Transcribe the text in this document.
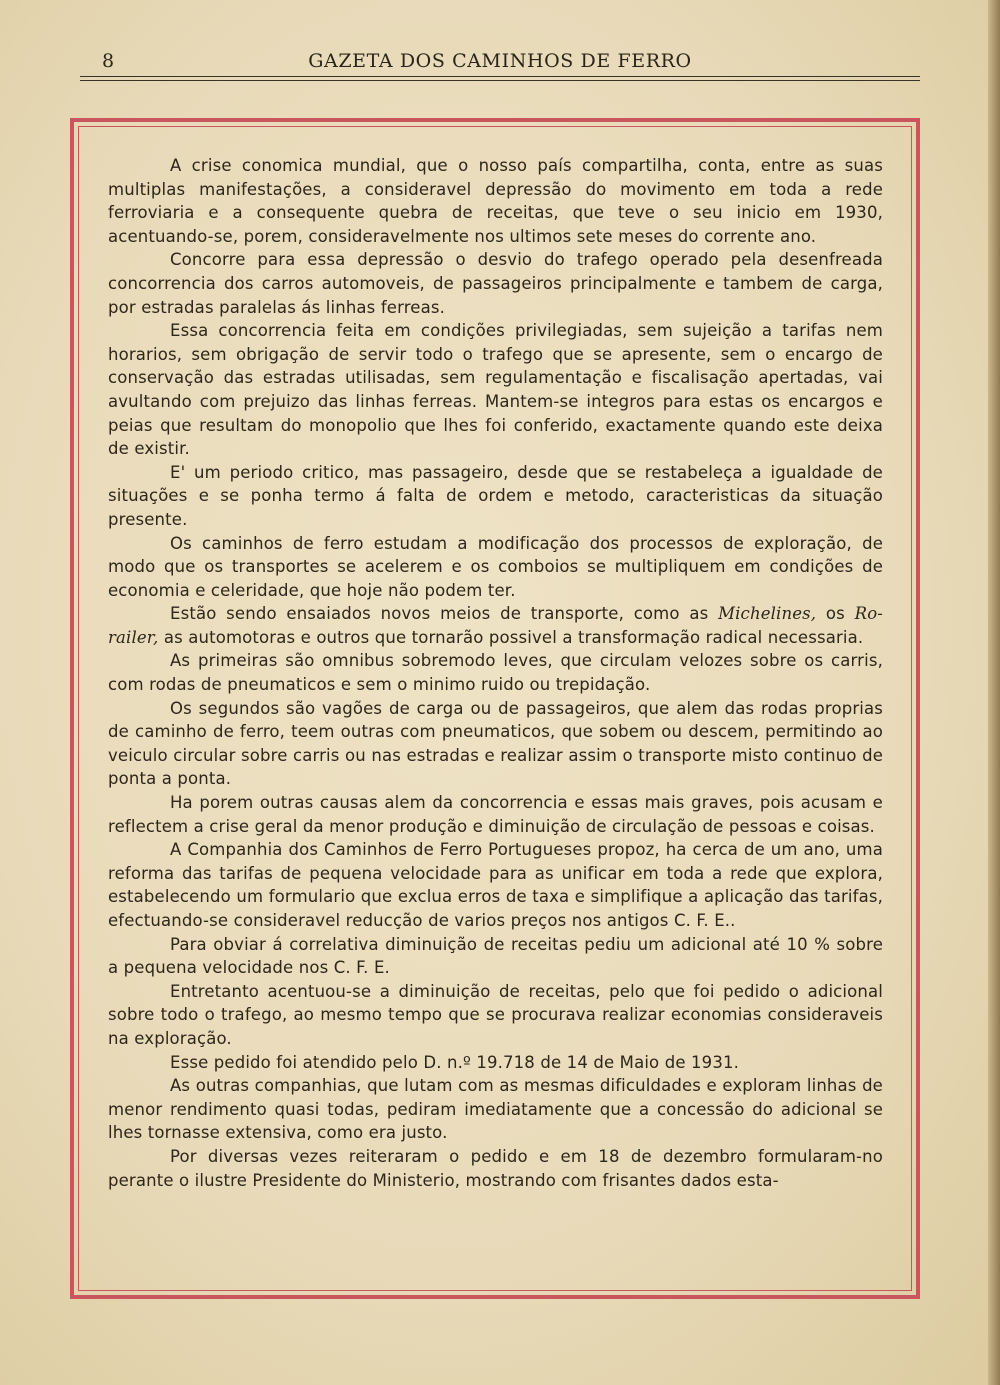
8	GAZETA DOS CAMINHOS DE FERRO

A crise conomica mundial, que o nosso país compartilha, conta, entre as suas multiplas manifestações, a consideravel depressão do movimento em toda a rede ferroviaria e a consequente quebra de receitas, que teve o seu inicio em 1930, acentuando-se, porem, consideravelmente nos ultimos sete meses do corrente ano.

Concorre para essa depressão o desvio do trafego operado pela desenfreada concorrencia dos carros automoveis, de passageiros principalmente e tambem de carga, por estradas paralelas ás linhas ferreas.

Essa concorrencia feita em condições privilegiadas, sem sujeição a tarifas nem horarios, sem obrigação de servir todo o trafego que se apresente, sem o encargo de conservação das estradas utilisadas, sem regulamentação e fiscalisação apertadas, vai avultando com prejuizo das linhas ferreas. Mantem-se integros para estas os encargos e peias que resultam do monopolio que lhes foi conferido, exactamente quando este deixa de existir.

E' um periodo critico, mas passageiro, desde que se restabeleça a igualdade de situações e se ponha termo á falta de ordem e metodo, caracteristicas da situação presente.

Os caminhos de ferro estudam a modificação dos processos de exploração, de modo que os transportes se acelerem e os comboios se multipliquem em condições de economia e celeridade, que hoje não podem ter.

Estão sendo ensaiados novos meios de transporte, como as Michelines, os Ro-railer, as automotoras e outros que tornarão possivel a transformação radical necessaria.

As primeiras são omnibus sobremodo leves, que circulam velozes sobre os carris, com rodas de pneumaticos e sem o minimo ruido ou trepidação.

Os segundos são vagões de carga ou de passageiros, que alem das rodas proprias de caminho de ferro, teem outras com pneumaticos, que sobem ou descem, permitindo ao veiculo circular sobre carris ou nas estradas e realizar assim o transporte misto continuo de ponta a ponta.

Ha porem outras causas alem da concorrencia e essas mais graves, pois acusam e reflectem a crise geral da menor produção e diminuição de circulação de pessoas e coisas.

A Companhia dos Caminhos de Ferro Portugueses propoz, ha cerca de um ano, uma reforma das tarifas de pequena velocidade para as unificar em toda a rede que explora, estabelecendo um formulario que exclua erros de taxa e simplifique a aplicação das tarifas, efectuando-se consideravel reducção de varios preços nos antigos C. F. E..

Para obviar á correlativa diminuição de receitas pediu um adicional até 10 % sobre a pequena velocidade nos C. F. E.

Entretanto acentuou-se a diminuição de receitas, pelo que foi pedido o adicional sobre todo o trafego, ao mesmo tempo que se procurava realizar economias consideraveis na exploração.

Esse pedido foi atendido pelo D. n.º 19.718 de 14 de Maio de 1931.

As outras companhias, que lutam com as mesmas dificuldades e exploram linhas de menor rendimento quasi todas, pediram imediatamente que a concessão do adicional se lhes tornasse extensiva, como era justo.

Por diversas vezes reiteraram o pedido e em 18 de dezembro formularam-no perante o ilustre Presidente do Ministerio, mostrando com frisantes dados esta-
